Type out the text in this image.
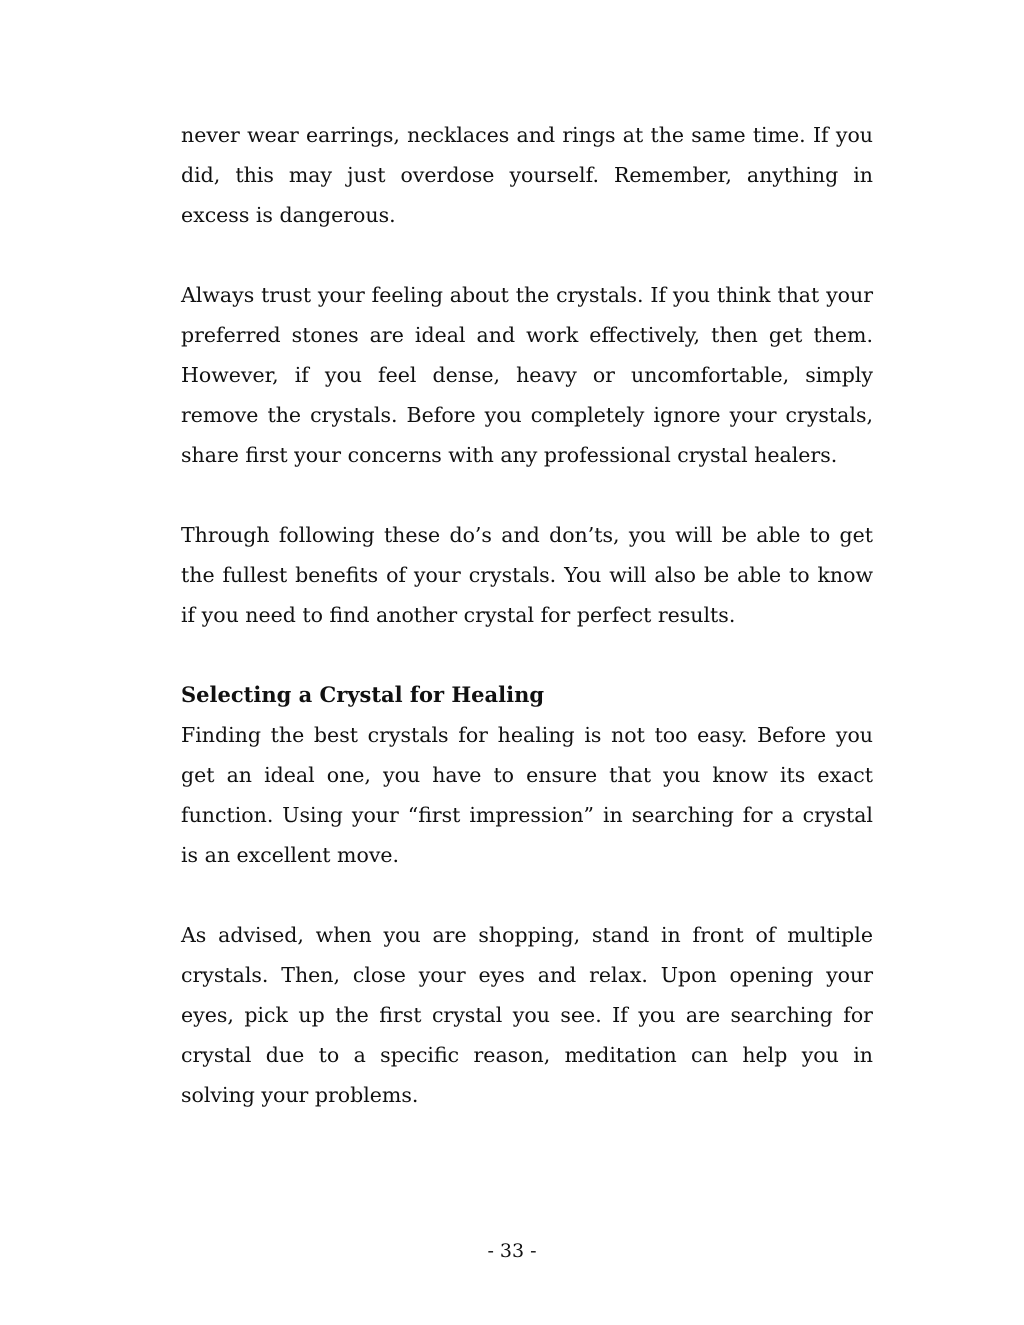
never wear earrings, necklaces and rings at the same time. If you did, this may just overdose yourself. Remember, anything in excess is dangerous.

Always trust your feeling about the crystals. If you think that your preferred stones are ideal and work effectively, then get them. However, if you feel dense, heavy or uncomfortable, simply remove the crystals. Before you completely ignore your crystals, share first your concerns with any professional crystal healers.

Through following these do’s and don’ts, you will be able to get the fullest benefits of your crystals. You will also be able to know if you need to find another crystal for perfect results.

Selecting a Crystal for Healing

Finding the best crystals for healing is not too easy. Before you get an ideal one, you have to ensure that you know its exact function. Using your “first impression” in searching for a crystal is an excellent move.

As advised, when you are shopping, stand in front of multiple crystals. Then, close your eyes and relax. Upon opening your eyes, pick up the first crystal you see. If you are searching for crystal due to a specific reason, meditation can help you in solving your problems.

- 33 -
